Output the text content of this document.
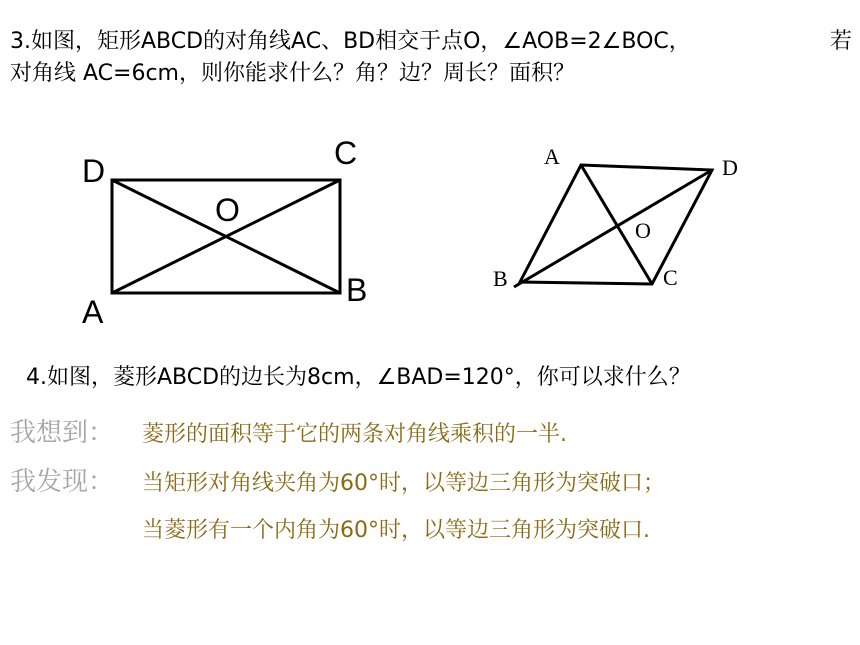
3.如图，矩形ABCD的对角线AC、BD相交于点O，∠AOB=2∠BOC，	若

对角线 AC=6cm，则你能求什么？角？边？周长？面积？
D	C
O
B
A
A	D
O
B	C
4.如图，菱形ABCD的边长为8cm，∠BAD=120°，你可以求什么？
我想到： 菱形的面积等于它的两条对角线乘积的一半.
我发现： 当矩形对角线夹角为60°时，以等边三角形为突破口；
当菱形有一个内角为60°时，以等边三角形为突破口.
